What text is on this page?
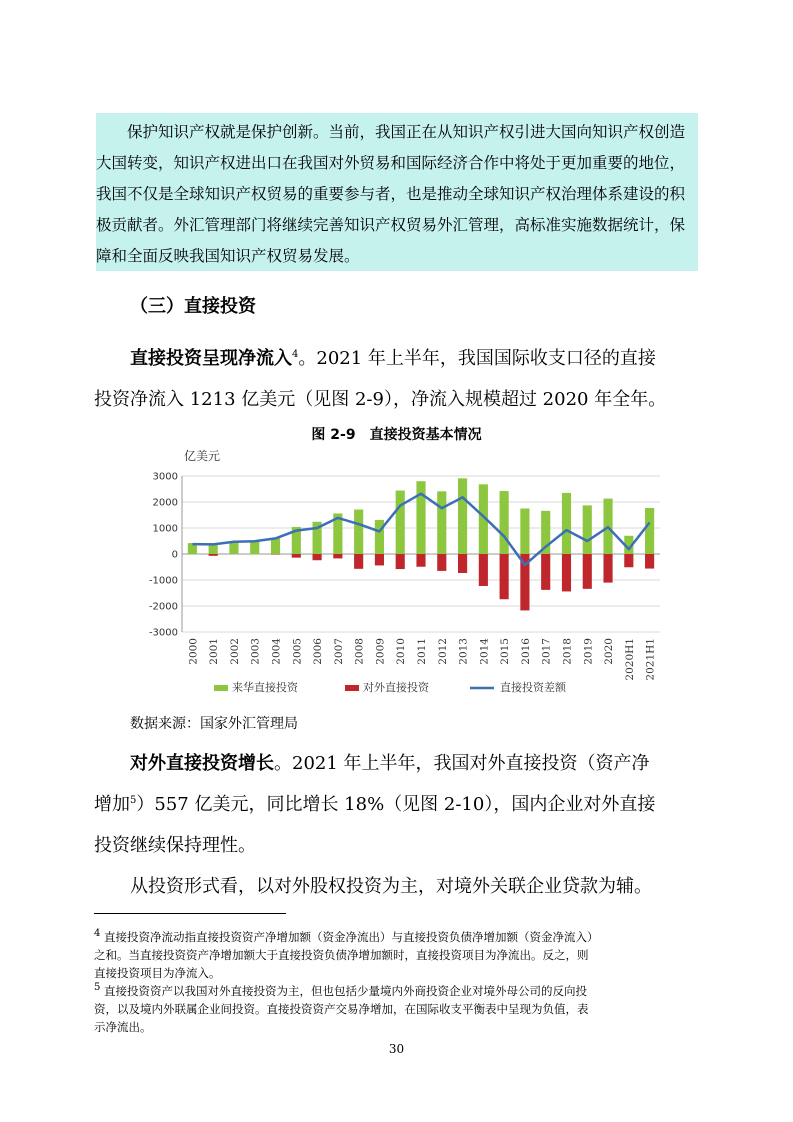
保护知识产权就是保护创新。当前，我国正在从知识产权引进大国向知识产权创造

大国转变，知识产权进出口在我国对外贸易和国际经济合作中将处于更加重要的地位，

我国不仅是全球知识产权贸易的重要参与者，也是推动全球知识产权治理体系建设的积

极贡献者。外汇管理部门将继续完善知识产权贸易外汇管理，高标准实施数据统计，保

障和全面反映我国知识产权贸易发展。

（三）直接投资
直接投资呈现净流入$^4$。2021 年上半年，我国国际收支口径的直接
投资净流入 1213 亿美元（见图 2-9），净流入规模超过 2020 年全年。
图 2-9　直接投资基本情况
亿美元
3000
2000
1000
0
-1000
-2000
-3000
2000 2001 2002 2003 2004 2005 2006 2007 2008 2009 2010 2011 2012 2013 2014 2015 2016 2017 2018 2019 2020 2020H1 2021H1
来华直接投资	对外直接投资	直接投资差额
数据来源：国家外汇管理局
对外直接投资增长。2021 年上半年，我国对外直接投资（资产净
增加$^5$）557 亿美元，同比增长 18%（见图 2-10），国内企业对外直接
投资继续保持理性。
从投资形式看，以对外股权投资为主，对境外关联企业贷款为辅。
$^4$ 直接投资净流动指直接投资资产净增加额（资金净流出）与直接投资负债净增加额（资金净流入）
之和。当直接投资资产净增加额大于直接投资负债净增加额时，直接投资项目为净流出。反之，则
直接投资项目为净流入。
$^5$ 直接投资资产以我国对外直接投资为主，但也包括少量境内外商投资企业对境外母公司的反向投
资，以及境内外联属企业间投资。直接投资资产交易净增加，在国际收支平衡表中呈现为负值，表
示净流出。
30
